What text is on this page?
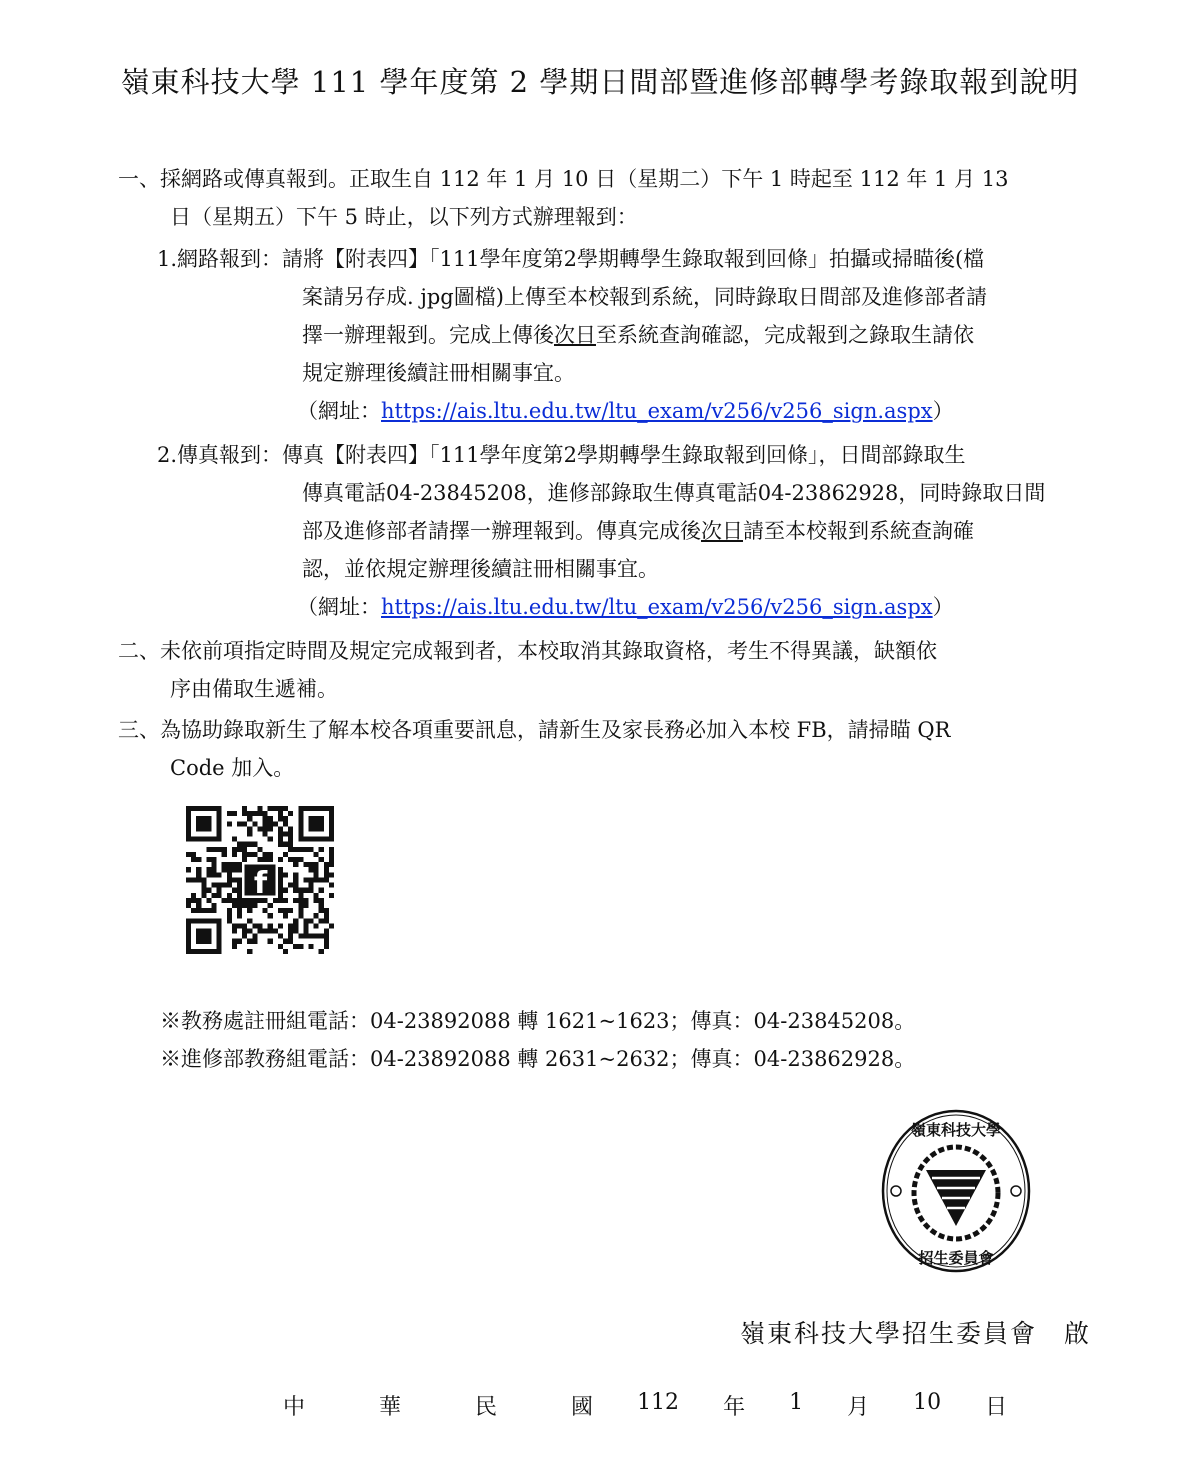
嶺東科技大學 111 學年度第 2 學期日間部暨進修部轉學考錄取報到說明
一、採網路或傳真報到。正取生自 112 年 1 月 10 日（星期二）下午 1 時起至 112 年 1 月 13
日（星期五）下午 5 時止，以下列方式辦理報到：
1.網路報到：請將【附表四】「111學年度第2學期轉學生錄取報到回條」拍攝或掃瞄後(檔
案請另存成. jpg圖檔)上傳至本校報到系統，同時錄取日間部及進修部者請
擇一辦理報到。完成上傳後次日至系統查詢確認，完成報到之錄取生請依
規定辦理後續註冊相關事宜。
（網址：https://ais.ltu.edu.tw/ltu_exam/v256/v256_sign.aspx）
2.傳真報到：傳真【附表四】「111學年度第2學期轉學生錄取報到回條」，日間部錄取生
傳真電話04-23845208，進修部錄取生傳真電話04-23862928，同時錄取日間
部及進修部者請擇一辦理報到。傳真完成後次日請至本校報到系統查詢確
認，並依規定辦理後續註冊相關事宜。
（網址：https://ais.ltu.edu.tw/ltu_exam/v256/v256_sign.aspx）
二、未依前項指定時間及規定完成報到者，本校取消其錄取資格，考生不得異議，缺額依
序由備取生遞補。
三、為協助錄取新生了解本校各項重要訊息，請新生及家長務必加入本校 FB，請掃瞄 QR
Code 加入。
f
※教務處註冊組電話：04-23892088 轉 1621~1623；傳真：04-23845208。
※進修部教務組電話：04-23892088 轉 2631~2632；傳真：04-23862928。
嶺東科技大學
招生委員會
嶺東科技大學招生委員會　啟
中	華	民	國 112 年 1 月 10 日
